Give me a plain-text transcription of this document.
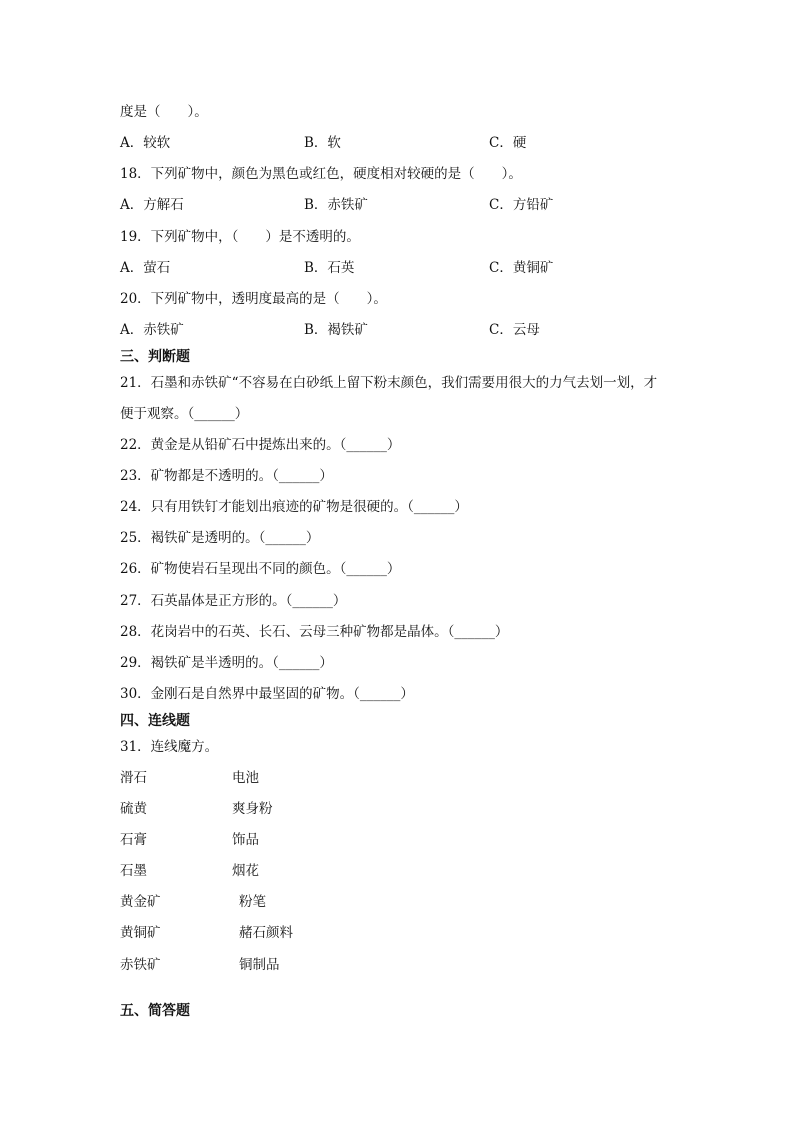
度是（　　）。
A．较软	B．软	C．硬
18．下列矿物中，颜色为黑色或红色，硬度相对较硬的是（　　）。
A．方解石	B．赤铁矿	C．方铅矿
19．下列矿物中，（　　）是不透明的。
A．萤石	B．石英	C．黄铜矿
20．下列矿物中，透明度最高的是（　　）。
A．赤铁矿	B．褐铁矿	C．云母
三、判断题
21．石墨和赤铁矿“不容易在白砂纸上留下粉末颜色，我们需要用很大的力气去划一划，才
便于观察。（______）
22．黄金是从铅矿石中提炼出来的。（______）
23．矿物都是不透明的。（______）
24．只有用铁钉才能划出痕迹的矿物是很硬的。（______）
25．褐铁矿是透明的。（______）
26．矿物使岩石呈现出不同的颜色。（______）
27．石英晶体是正方形的。（______）
28．花岗岩中的石英、长石、云母三种矿物都是晶体。（______）
29．褐铁矿是半透明的。（______）
30．金刚石是自然界中最坚固的矿物。（______）
四、连线题
31．连线魔方。
滑石	电池
硫黄	爽身粉
石膏	饰品
石墨	烟花
黄金矿	粉笔
黄铜矿	赭石颜料
赤铁矿	铜制品
五、简答题
